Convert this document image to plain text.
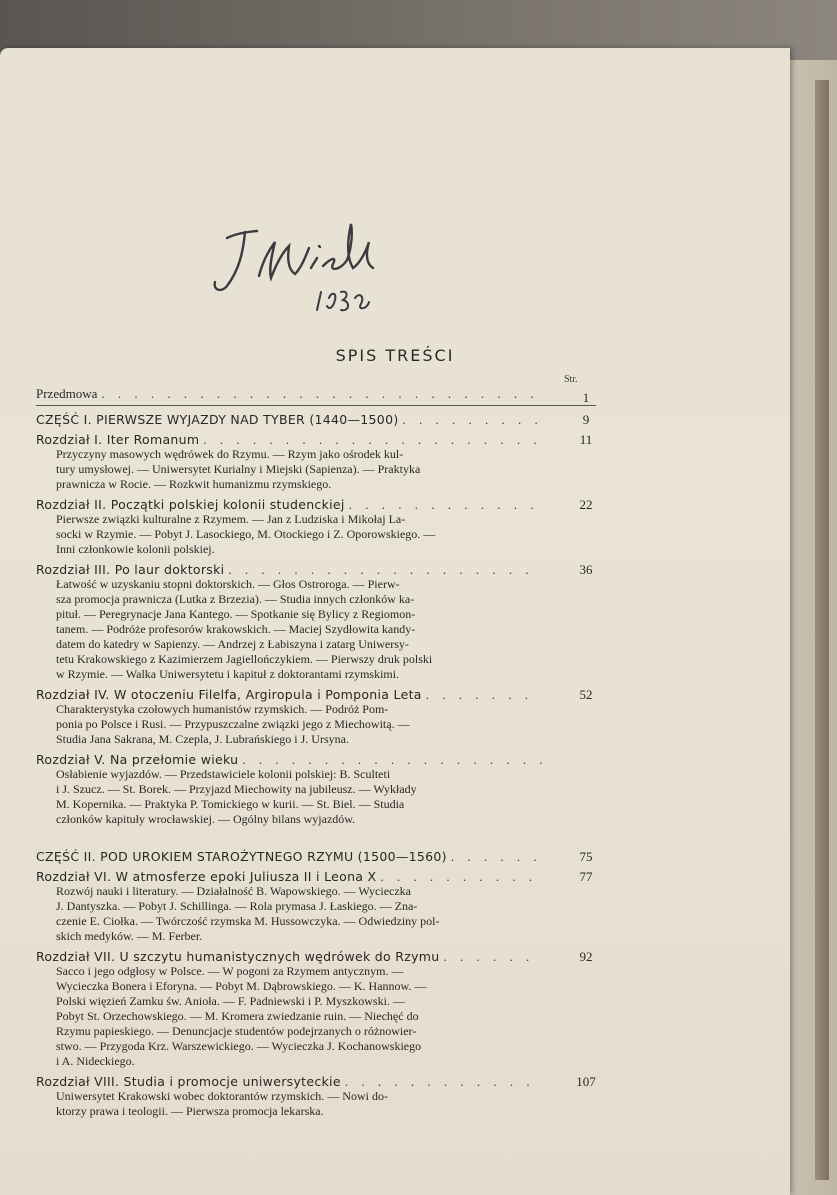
SPIS TREŚCI
Str.
Przedmowa . . .	1
CZĘŚĆ I. PIERWSZE WYJAZDY NAD TYBER (1440—1500) . . .	9
Rozdział I. Iter Romanum . . .	11
Przyczyny masowych wędrówek do Rzymu. — Rzym jako ośrodek kul-
tury umysłowej. — Uniwersytet Kurialny i Miejski (Sapienza). — Praktyka
prawnicza w Rocie. — Rozkwit humanizmu rzymskiego.
Rozdział II. Początki polskiej kolonii studenckiej . . .	22
Pierwsze związki kulturalne z Rzymem. — Jan z Ludziska i Mikołaj La-
socki w Rzymie. — Pobyt J. Lasockiego, M. Otockiego i Z. Oporowskiego. —
Inni członkowie kolonii polskiej.
Rozdział III. Po laur doktorski . . .	36
Łatwość w uzyskaniu stopni doktorskich. — Głos Ostroroga. — Pierw-
sza promocja prawnicza (Lutka z Brzezia). — Studia innych członków ka-
pituł. — Peregrynacje Jana Kantego. — Spotkanie się Bylicy z Regiomon-
tanem. — Podróże profesorów krakowskich. — Maciej Szydłowita kandy-
datem do katedry w Sapienzy. — Andrzej z Łabiszyna i zatarg Uniwersy-
tetu Krakowskiego z Kazimierzem Jagiellończykiem. — Pierwszy druk polski
w Rzymie. — Walka Uniwersytetu i kapituł z doktorantami rzymskimi.
Rozdział IV. W otoczeniu Filelfa, Argiropula i Pomponia Leta . . .	52
Charakterystyka czołowych humanistów rzymskich. — Podróż Pom-
ponia po Polsce i Rusi. — Przypuszczalne związki jego z Miechowitą. —
Studia Jana Sakrana, M. Czepla, J. Lubrańskiego i J. Ursyna.
Rozdział V. Na przełomie wieku
. . .
Osłabienie wyjazdów. — Przedstawiciele kolonii polskiej: B. Sculteti
i J. Szucz. — St. Borek. — Przyjazd Miechowity na jubileusz. — Wykłady
M. Kopernika. — Praktyka P. Tomickiego w kurii. — St. Biel. — Studia
członków kapituły wrocławskiej. — Ogólny bilans wyjazdów.
CZĘŚĆ II. POD UROKIEM STAROŻYTNEGO RZYMU (1500—1560) . . .	75
Rozdział VI. W atmosferze epoki Juliusza II i Leona X . . .	77
Rozwój nauki i literatury. — Działalność B. Wapowskiego. — Wycieczka
J. Dantyszka. — Pobyt J. Schillinga. — Rola prymasa J. Łaskiego. — Zna-
czenie E. Ciołka. — Twórczość rzymska M. Hussowczyka. — Odwiedziny pol-
skich medyków. — M. Ferber.
Rozdział VII. U szczytu humanistycznych wędrówek do Rzymu . . .	92
Sacco i jego odgłosy w Polsce. — W pogoni za Rzymem antycznym. —
Wycieczka Bonera i Eforyna. — Pobyt M. Dąbrowskiego. — K. Hannow. —
Polski więzień Zamku św. Anioła. — F. Padniewski i P. Myszkowski. —
Pobyt St. Orzechowskiego. — M. Kromera zwiedzanie ruin. — Niechęć do
Rzymu papieskiego. — Denuncjacje studentów podejrzanych o różnowier-
stwo. — Przygoda Krz. Warszewickiego. — Wycieczka J. Kochanowskiego
i A. Nideckiego.
Rozdział VIII. Studia i promocje uniwersyteckie . . .	107
Uniwersytet Krakowski wobec doktorantów rzymskich. — Nowi do-
ktorzy prawa i teologii. — Pierwsza promocja lekarska.
